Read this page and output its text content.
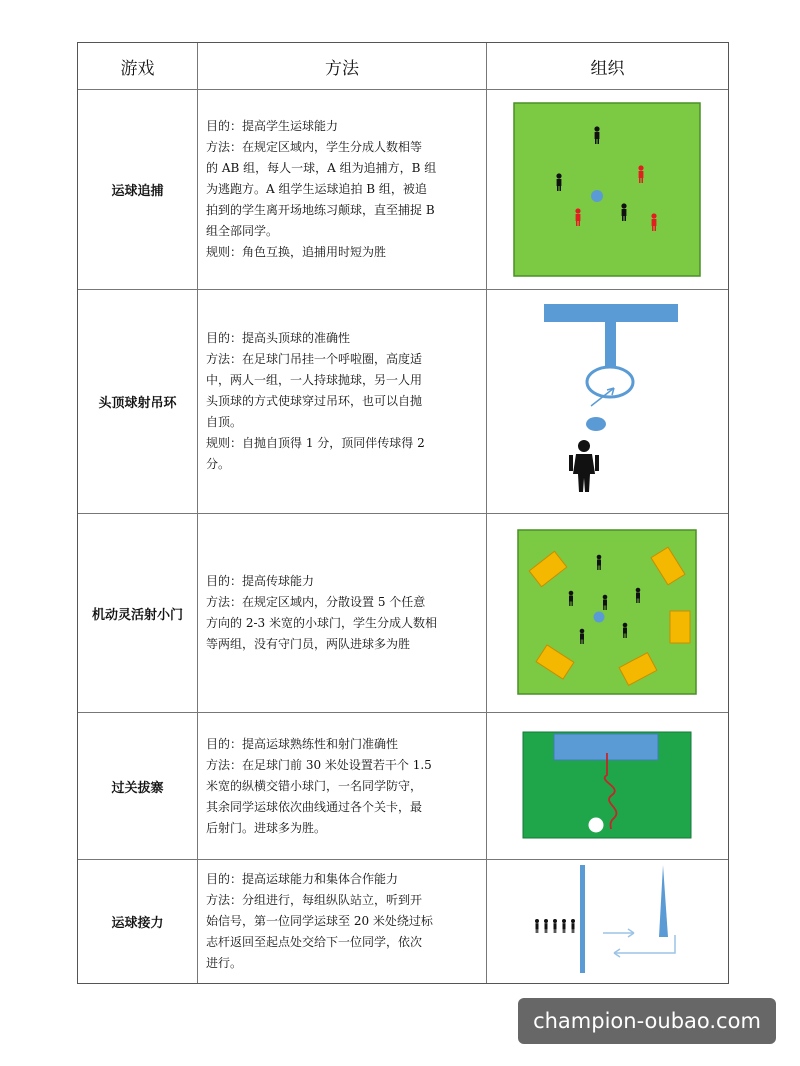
游戏	方法	组织
运球追捕

目的：提高学生运球能力

方法：在规定区域内，学生分成人数相等

的 AB 组，每人一球，A 组为追捕方，B 组

为逃跑方。A 组学生运球追拍 B 组，被追

拍到的学生离开场地练习颠球，直至捕捉 B

组全部同学。

规则：角色互换，追捕用时短为胜

头顶球射吊环

目的：提高头顶球的准确性

方法：在足球门吊挂一个呼啦圈，高度适

中，两人一组，一人持球抛球，另一人用

头顶球的方式使球穿过吊环，也可以自抛

自顶。

规则：自抛自顶得 1 分，顶同伴传球得 2

分。

机动灵活射小门

目的：提高传球能力

方法：在规定区域内，分散设置 5 个任意

方向的 2-3 米宽的小球门，学生分成人数相

等两组，没有守门员，两队进球多为胜

过关拔寨

目的：提高运球熟练性和射门准确性

方法：在足球门前 30 米处设置若干个 1.5

米宽的纵横交错小球门，一名同学防守，

其余同学运球依次曲线通过各个关卡，最

后射门。进球多为胜。

运球接力

目的：提高运球能力和集体合作能力

方法：分组进行，每组纵队站立，听到开

始信号，第一位同学运球至 20 米处绕过标

志杆返回至起点处交给下一位同学，依次

进行。

champion-oubao.com
